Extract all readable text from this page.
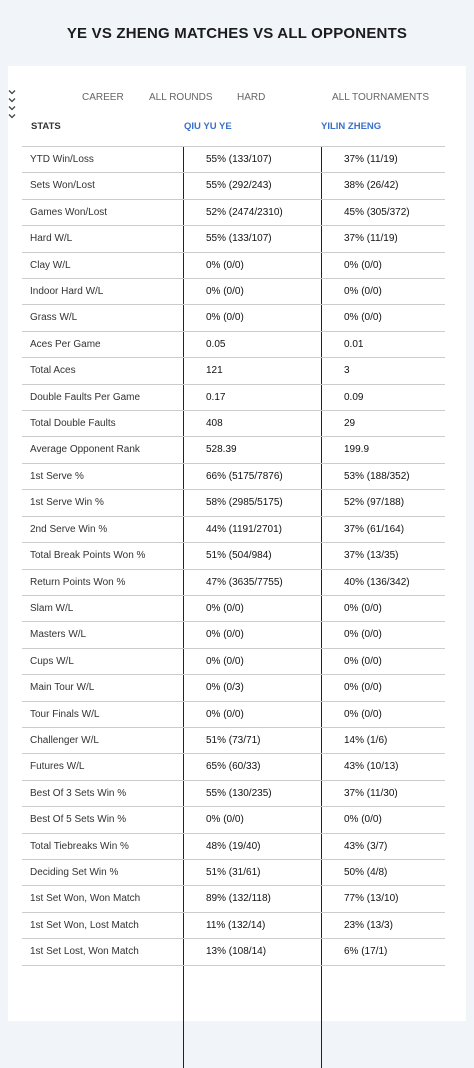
YE VS ZHENG MATCHES VS ALL OPPONENTS
CAREER	ALL ROUNDS HARD	ALL TOURNAMENTS
STATS	QIU YU YE	YILIN ZHENG
YTD Win/Loss	55% (133/107)	37% (11/19)
Sets Won/Lost	55% (292/243)	38% (26/42)
Games Won/Lost	52% (2474/2310)	45% (305/372)
Hard W/L	55% (133/107)	37% (11/19)
Clay W/L	0% (0/0)	0% (0/0)
Indoor Hard W/L	0% (0/0)	0% (0/0)
Grass W/L	0% (0/0)	0% (0/0)
Aces Per Game	0.05	0.01
Total Aces	121	3
Double Faults Per Game	0.17	0.09
Total Double Faults	408	29
Average Opponent Rank	528.39	199.9
1st Serve %	66% (5175/7876)	53% (188/352)
1st Serve Win %	58% (2985/5175)	52% (97/188)
2nd Serve Win %	44% (1191/2701)	37% (61/164)
Total Break Points Won %	51% (504/984)	37% (13/35)
Return Points Won %	47% (3635/7755)	40% (136/342)
Slam W/L	0% (0/0)	0% (0/0)
Masters W/L	0% (0/0)	0% (0/0)
Cups W/L	0% (0/0)	0% (0/0)
Main Tour W/L	0% (0/3)	0% (0/0)
Tour Finals W/L	0% (0/0)	0% (0/0)
Challenger W/L	51% (73/71)	14% (1/6)
Futures W/L	65% (60/33)	43% (10/13)
Best Of 3 Sets Win %	55% (130/235)	37% (11/30)
Best Of 5 Sets Win %	0% (0/0)	0% (0/0)
Total Tiebreaks Win %	48% (19/40)	43% (3/7)
Deciding Set Win %	51% (31/61)	50% (4/8)
1st Set Won, Won Match	89% (132/118)	77% (13/10)
1st Set Won, Lost Match	11% (132/14)	23% (13/3)
1st Set Lost, Won Match	13% (108/14)	6% (17/1)
